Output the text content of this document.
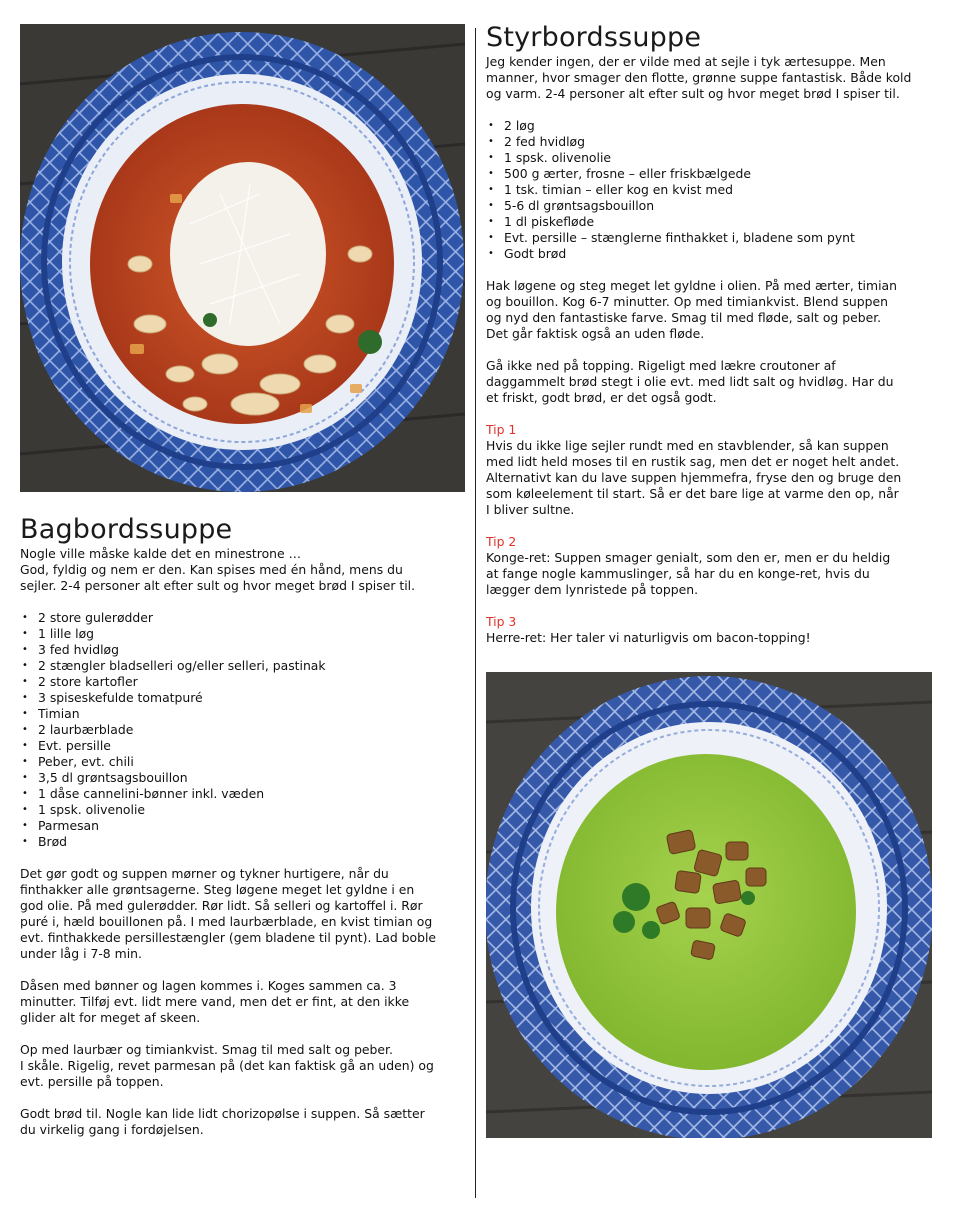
Bagbordssuppe

Nogle ville måske kalde det en minestrone …

God, fyldig og nem er den. Kan spises med én hånd, mens du

sejler. 2-4 personer alt efter sult og hvor meget brød I spiser til.

• 2 store gulerødder
• 1 lille løg
• 3 fed hvidløg
• 2 stængler bladselleri og/eller selleri, pastinak
• 2 store kartofler
• 3 spiseskefulde tomatpuré
• Timian
• 2 laurbærblade
• Evt. persille
• Peber, evt. chili
• 3,5 dl grøntsagsbouillon
• 1 dåse cannelini-bønner inkl. væden
• 1 spsk. olivenolie
• Parmesan
• Brød

Det gør godt og suppen mørner og tykner hurtigere, når du

finthakker alle grøntsagerne. Steg løgene meget let gyldne i en

god olie. På med gulerødder. Rør lidt. Så selleri og kartoffel i. Rør

puré i, hæld bouillonen på. I med laurbærblade, en kvist timian og

evt. finthakkede persillestængler (gem bladene til pynt). Lad boble

under låg i 7-8 min.

Dåsen med bønner og lagen kommes i. Koges sammen ca. 3

minutter. Tilføj evt. lidt mere vand, men det er fint, at den ikke

glider alt for meget af skeen.

Op med laurbær og timiankvist. Smag til med salt og peber.

I skåle. Rigelig, revet parmesan på (det kan faktisk gå an uden) og

evt. persille på toppen.

Godt brød til. Nogle kan lide lidt chorizopølse i suppen. Så sætter

du virkelig gang i fordøjelsen.

Styrbordssuppe

Jeg kender ingen, der er vilde med at sejle i tyk ærtesuppe. Men

manner, hvor smager den flotte, grønne suppe fantastisk. Både kold

og varm. 2-4 personer alt efter sult og hvor meget brød I spiser til.

• 2 løg
• 2 fed hvidløg
• 1 spsk. olivenolie
• 500 g ærter, frosne – eller friskbælgede
• 1 tsk. timian – eller kog en kvist med
• 5-6 dl grøntsagsbouillon
• 1 dl piskefløde
• Evt. persille – stænglerne finthakket i, bladene som pynt
• Godt brød

Hak løgene og steg meget let gyldne i olien. På med ærter, timian

og bouillon. Kog 6-7 minutter. Op med timiankvist. Blend suppen

og nyd den fantastiske farve. Smag til med fløde, salt og peber.

Det går faktisk også an uden fløde.

Gå ikke ned på topping. Rigeligt med lækre croutoner af

daggammelt brød stegt i olie evt. med lidt salt og hvidløg. Har du

et friskt, godt brød, er det også godt.

Tip 1

Hvis du ikke lige sejler rundt med en stavblender, så kan suppen

med lidt held moses til en rustik sag, men det er noget helt andet.

Alternativt kan du lave suppen hjemmefra, fryse den og bruge den

som køleelement til start. Så er det bare lige at varme den op, når

I bliver sultne.

Tip 2

Konge-ret: Suppen smager genialt, som den er, men er du heldig

at fange nogle kammuslinger, så har du en konge-ret, hvis du

lægger dem lynristede på toppen.

Tip 3

Herre-ret: Her taler vi naturligvis om bacon-topping!
